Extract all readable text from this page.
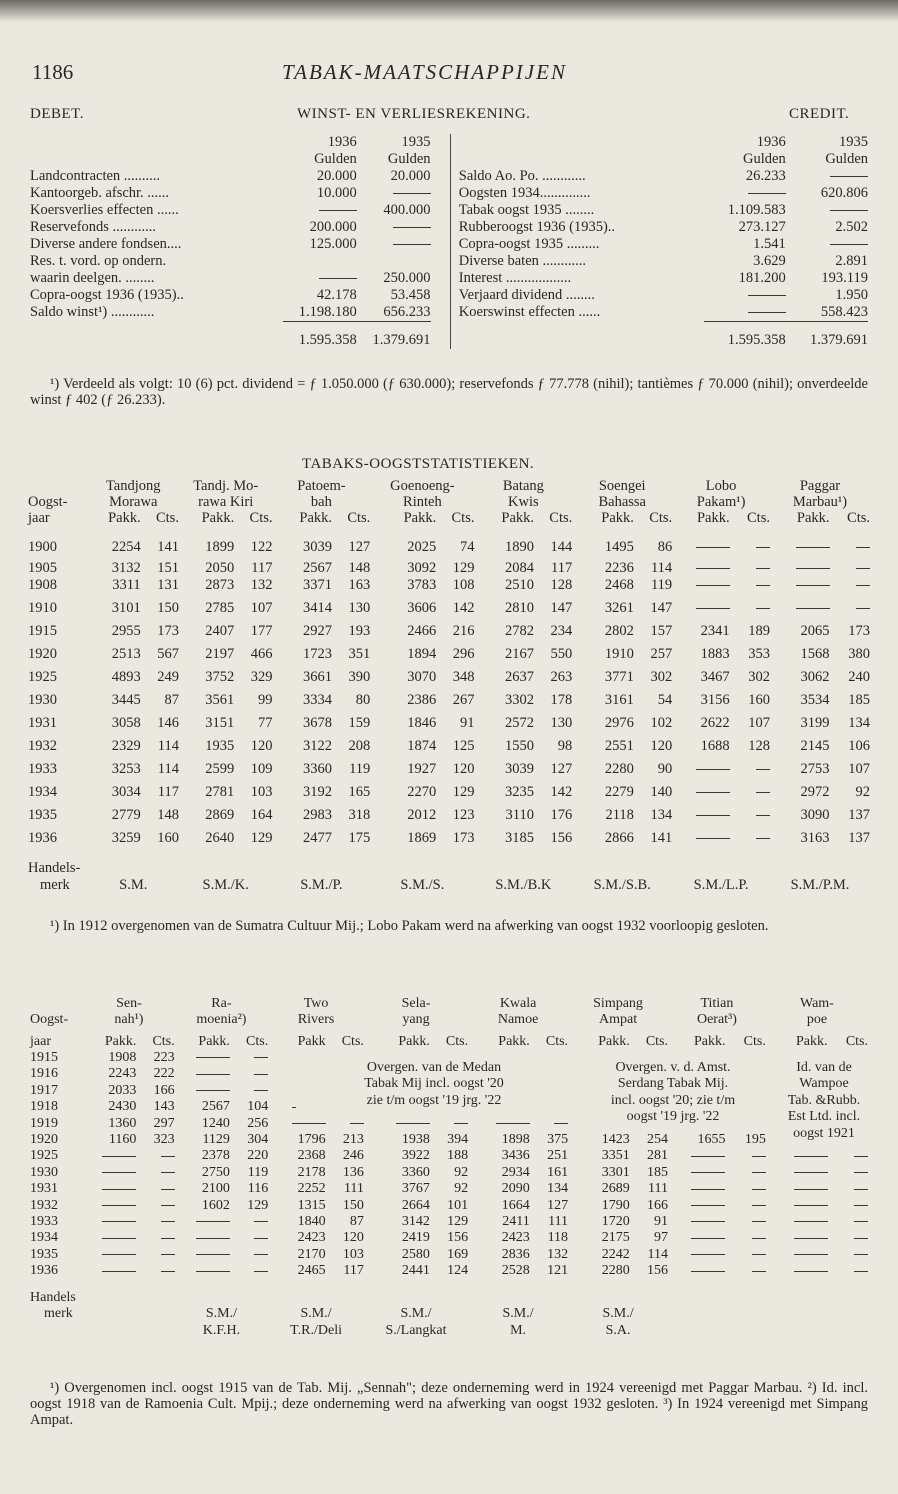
1186	TABAK-MAATSCHAPPIJEN
DEBET.	WINST- EN VERLIESREKENING.	CREDIT.
	1936	1935				1936	1935
	Gulden	Gulden				Gulden	Gulden
Landcontracten ..........	20.000	20.000			Saldo Ao. Po. ............	26.233	
Kantoorgeb. afschr. ......	10.000				Oogsten 1934..............		620.806
Koersverlies effecten ......		400.000			Tabak oogst 1935 ........	1.109.583	
Reservefonds ............	200.000				Rubberoogst 1936 (1935)..	273.127	2.502
Diverse andere fondsen....	125.000				Copra-oogst 1935 .........	1.541	
Res. t. vord. op ondern.					Diverse baten ............	3.629	2.891
waarin deelgen. ........		250.000			Interest ..................	181.200	193.119
Copra-oogst 1936 (1935)..	42.178	53.458			Verjaard dividend ........		1.950
Saldo winst¹) ............	1.198.180	656.233			Koerswinst effecten ......		558.423

	1.595.358	1.379.691				1.595.358	1.379.691
¹) Verdeeld als volgt: 10 (6) pct. dividend = ƒ 1.050.000 (ƒ 630.000); reservefonds ƒ 77.778 (nihil); tantièmes ƒ 70.000 (nihil); onverdeelde winst ƒ 402 (ƒ 26.233).
TABAKS-OOGSTSTATISTIEKEN.
	Tandjong		Tandj. Mo-		Patoem-		Goenoeng-		Batang		Soengei		Lobo		Paggar	
Oogst-	Morawa		rawa Kiri		bah		Rinteh		Kwis		Bahassa		Pakam¹)		Marbau¹)	
jaar	Pakk.	Cts.	Pakk.	Cts.	Pakk.	Cts.	Pakk.	Cts.	Pakk.	Cts.	Pakk.	Cts.	Pakk.	Cts.	Pakk.	Cts.
1900	2254	141	1899	122	3039	127	2025	74	1890	144	1495	86				
1905	3132	151	2050	117	2567	148	3092	129	2084	117	2236	114				
1908	3311	131	2873	132	3371	163	3783	108	2510	128	2468	119				
1910	3101	150	2785	107	3414	130	3606	142	2810	147	3261	147				
1915	2955	173	2407	177	2927	193	2466	216	2782	234	2802	157	2341	189	2065	173
1920	2513	567	2197	466	1723	351	1894	296	2167	550	1910	257	1883	353	1568	380
1925	4893	249	3752	329	3661	390	3070	348	2637	263	3771	302	3467	302	3062	240
1930	3445	87	3561	99	3334	80	2386	267	3302	178	3161	54	3156	160	3534	185
1931	3058	146	3151	77	3678	159	1846	91	2572	130	2976	102	2622	107	3199	134
1932	2329	114	1935	120	3122	208	1874	125	1550	98	2551	120	1688	128	2145	106
1933	3253	114	2599	109	3360	119	1927	120	3039	127	2280	90			2753	107
1934	3034	117	2781	103	3192	165	2270	129	3235	142	2279	140			2972	92
1935	2779	148	2869	164	2983	318	2012	123	3110	176	2118	134			3090	137
1936	3259	160	2640	129	2477	175	1869	173	3185	156	2866	141			3163	137
Handels-																
merk	S.M.		S.M./K.		S.M./P.		S.M./S.		S.M./B.K		S.M./S.B.		S.M./L.P.		S.M./P.M.	
¹) In 1912 overgenomen van de Sumatra Cultuur Mij.; Lobo Pakam werd na afwerking van oogst 1932 voorloopig gesloten.
	Sen-		Ra-		Two		Sela-		Kwala		Simpang		Titian		Wam-	
Oogst-	nah¹)		moenia²)		Rivers		yang		Namoe		Ampat		Oerat³)		poe	
jaar	Pakk.	Cts.	Pakk.	Cts.	Pakk	Cts.	Pakk.	Cts.	Pakk.	Cts.	Pakk.	Cts.	Pakk.	Cts.	Pakk.	Cts.
1915	1908	223														
1916	2243	222														
1917	2033	166														
1918	2430	143	2567	104												
1919	1360	297	1240	256												
1920	1160	323	1129	304	1796	213	1938	394	1898	375	1423	254	1655	195		
1925			2378	220	2368	246	3922	188	3436	251	3351	281				
1930			2750	119	2178	136	3360	92	2934	161	3301	185				
1931			2100	116	2252	111	3767	92	2090	134	2689	111				
1932			1602	129	1315	150	2664	101	1664	127	1790	166				
1933					1840	87	3142	129	2411	111	1720	91				
1934					2423	120	2419	156	2423	118	2175	97				
1935					2170	103	2580	169	2836	132	2242	114				
1936					2465	117	2441	124	2528	121	2280	156				
Handels																
merk			S.M./		S.M./		S.M./		S.M./		S.M./					
			K.F.H.		T.R./Deli		S./Langkat		M.		S.A.					
Overgen. van de Medan
Tabak Mij incl. oogst '20
zie t/m oogst '19 jrg. '22
Overgen. v. d. Amst.
Serdang Tabak Mij.
incl. oogst '20; zie t/m
oogst '19 jrg. '22
Id. van de
Wampoe
Tab. &Rubb.
Est Ltd. incl.
oogst 1921
¹) Overgenomen incl. oogst 1915 van de Tab. Mij. „Sennah"; deze onderneming werd in 1924 vereenigd met Paggar Marbau. ²) Id. incl. oogst 1918 van de Ramoenia Cult. Mpij.; deze onderneming werd na afwerking van oogst 1932 gesloten. ³) In 1924 vereenigd met Simpang Ampat.
